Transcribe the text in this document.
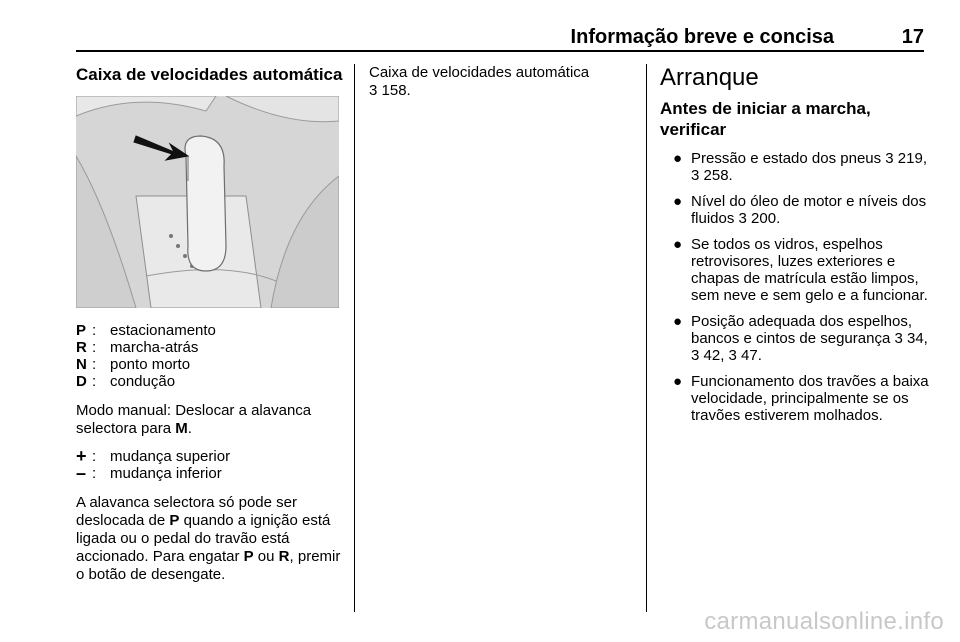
Informação breve e concisa	17
Caixa de velocidades automática
P : estacionamento
R : marcha-atrás
N : ponto morto
D : condução

Modo manual: Deslocar a alavanca selectora para M.

+ : mudança superior
– : mudança inferior

A alavanca selectora só pode ser deslocada de P quando a ignição está ligada ou o pedal do travão está accionado. Para engatar P ou R, premir o botão de desengate.

Caixa de velocidades automática

3 158.	Arranque
Antes de iniciar a marcha, verificar
● Pressão e estado dos pneus 3 219, 3 258.
● Nível do óleo de motor e níveis dos fluidos 3 200.
● Se todos os vidros, espelhos retrovisores, luzes exteriores e chapas de matrícula estão limpos, sem neve e sem gelo e a funcionar.
● Posição adequada dos espelhos, bancos e cintos de segurança 3 34, 3 42, 3 47.
● Funcionamento dos travões a baixa velocidade, principalmente se os travões estiverem molhados.
carmanualsonline.info
